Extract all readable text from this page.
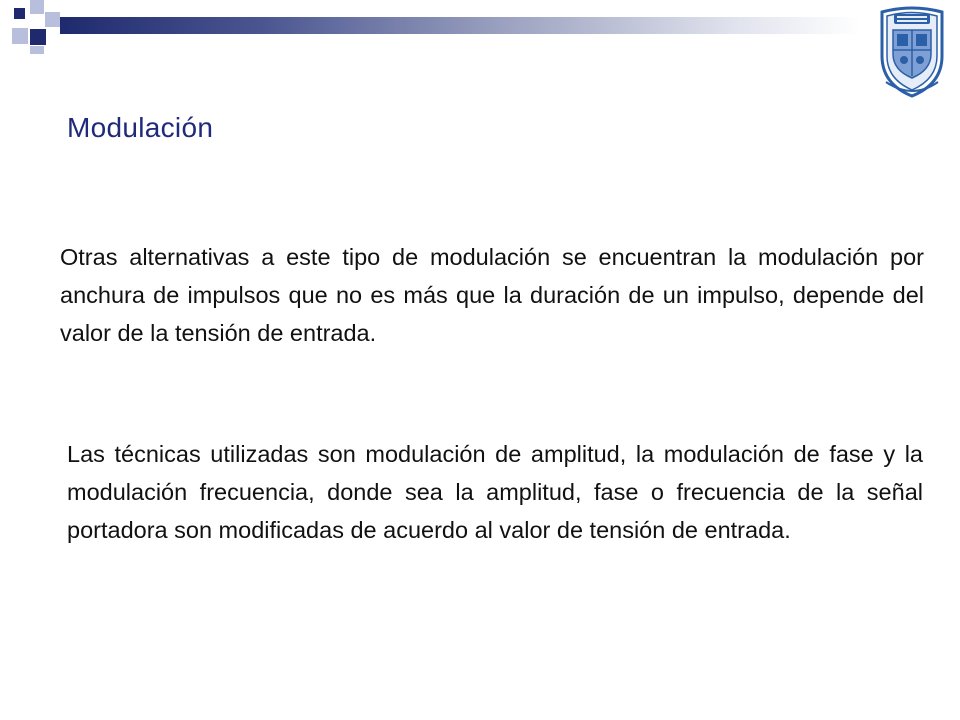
Modulación

Otras alternativas a este tipo de modulación se encuentran la modulación por anchura de impulsos que no es más que la duración de un impulso, depende del valor de la tensión de entrada.

Las técnicas utilizadas son modulación de amplitud, la modulación de fase y la modulación frecuencia, donde sea la amplitud, fase o frecuencia de la señal portadora son modificadas de acuerdo al valor de tensión de entrada.
